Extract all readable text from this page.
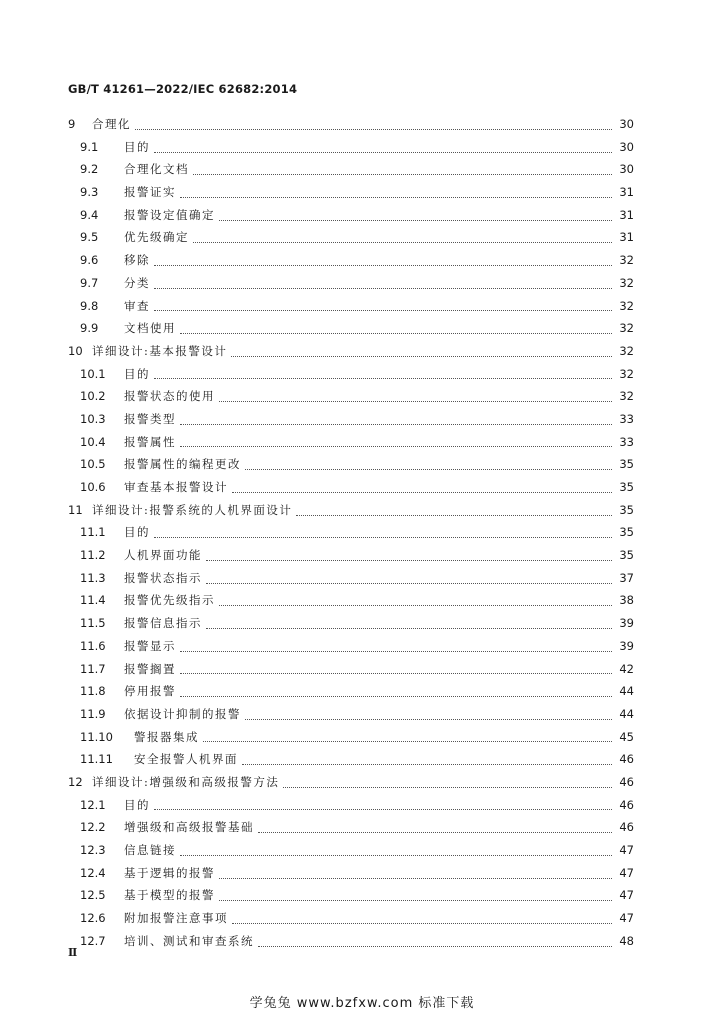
GB/T 41261—2022/IEC 62682:2014
9	合理化	30
9.1	目的	30
9.2	合理化文档	30
9.3	报警证实	31
9.4	报警设定值确定	31
9.5	优先级确定	31
9.6	移除	32
9.7	分类	32
9.8	审查	32
9.9	文档使用	32
10 详细设计:基本报警设计	32
10.1	目的	32
10.2	报警状态的使用	32
10.3	报警类型	33
10.4	报警属性	33
10.5	报警属性的编程更改	35
10.6	审查基本报警设计	35
11 详细设计:报警系统的人机界面设计	35
11.1	目的	35
11.2	人机界面功能	35
11.3	报警状态指示	37
11.4	报警优先级指示	38
11.5	报警信息指示	39
11.6	报警显示	39
11.7	报警搁置	42
11.8	停用报警	44
11.9	依据设计抑制的报警	44
11.10	警报器集成	45
11.11	安全报警人机界面	46
12 详细设计:增强级和高级报警方法	46
12.1	目的	46
12.2	增强级和高级报警基础	46
12.3	信息链接	47
12.4	基于逻辑的报警	47
12.5	基于模型的报警	47
12.6	附加报警注意事项	47
12.7	培训、测试和审查系统	48
Ⅱ
学兔兔 www.bzfxw.com 标准下载
